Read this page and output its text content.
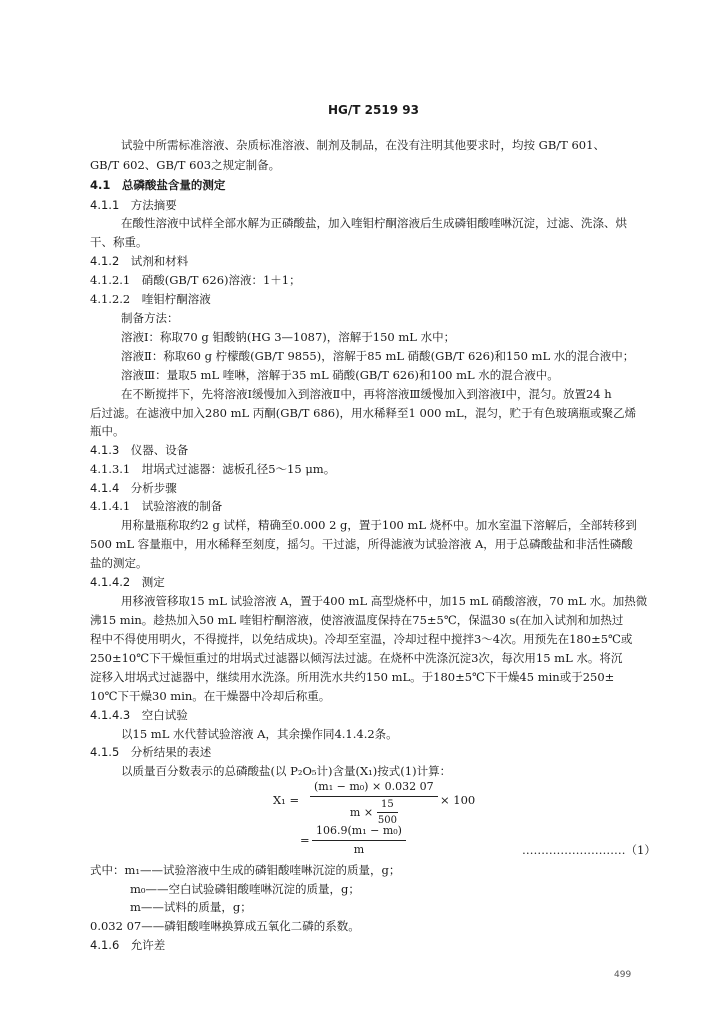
HG/T 2519 93
试验中所需标准溶液、杂质标准溶液、制剂及制品，在没有注明其他要求时，均按 GB/T 601、
GB/T 602、GB/T 603之规定制备。
4.1　总磷酸盐含量的测定
4.1.1　方法摘要
在酸性溶液中试样全部水解为正磷酸盐，加入喹钼柠酮溶液后生成磷钼酸喹啉沉淀，过滤、洗涤、烘
干、称重。
4.1.2　试剂和材料
4.1.2.1　硝酸(GB/T 626)溶液：1＋1；
4.1.2.2　喹钼柠酮溶液
制备方法：
溶液Ⅰ：称取70 g 钼酸钠(HG 3—1087)，溶解于150 mL 水中；
溶液Ⅱ：称取60 g 柠檬酸(GB/T 9855)，溶解于85 mL 硝酸(GB/T 626)和150 mL 水的混合液中；
溶液Ⅲ：量取5 mL 喹啉，溶解于35 mL 硝酸(GB/T 626)和100 mL 水的混合液中。
在不断搅拌下，先将溶液Ⅰ缓慢加入到溶液Ⅱ中，再将溶液Ⅲ缓慢加入到溶液Ⅰ中，混匀。放置24 h
后过滤。在滤液中加入280 mL 丙酮(GB/T 686)，用水稀释至1 000 mL，混匀，贮于有色玻璃瓶或聚乙烯
瓶中。
4.1.3　仪器、设备
4.1.3.1　坩埚式过滤器：滤板孔径5～15 μm。
4.1.4　分析步骤
4.1.4.1　试验溶液的制备
用称量瓶称取约2 g 试样，精确至0.000 2 g，置于100 mL 烧杯中。加水室温下溶解后，全部转移到
500 mL 容量瓶中，用水稀释至刻度，摇匀。干过滤，所得滤液为试验溶液 A，用于总磷酸盐和非活性磷酸
盐的测定。
4.1.4.2　测定
用移液管移取15 mL 试验溶液 A，置于400 mL 高型烧杯中，加15 mL 硝酸溶液，70 mL 水。加热微
沸15 min。趁热加入50 mL 喹钼柠酮溶液，使溶液温度保持在75±5℃，保温30 s(在加入试剂和加热过
程中不得使用明火，不得搅拌，以免结成块)。冷却至室温，冷却过程中搅拌3～4次。用预先在180±5℃或
250±10℃下干燥恒重过的坩埚式过滤器以倾泻法过滤。在烧杯中洗涤沉淀3次，每次用15 mL 水。将沉
淀移入坩埚式过滤器中，继续用水洗涤。所用洗水共约150 mL。于180±5℃下干燥45 min或于250±
10℃下干燥30 min。在干燥器中冷却后称重。
4.1.4.3　空白试验
以15 mL 水代替试验溶液 A，其余操作同4.1.4.2条。
4.1.5　分析结果的表述
以质量百分数表示的总磷酸盐(以 P₂O₅计)含量(X₁)按式(1)计算：
$X_1 = \frac{\text{(m₁ − m₀) × 0.032 07}}{m \times \frac{15}{500}} \times 100$
= $\frac{\text{106.9(m₁ − m₀)}}{m}$	………………………（1）
式中：m₁——试验溶液中生成的磷钼酸喹啉沉淀的质量，g；
m₀——空白试验磷钼酸喹啉沉淀的质量，g；
m——试料的质量，g；
0.032 07——磷钼酸喹啉换算成五氧化二磷的系数。
4.1.6　允许差
499
